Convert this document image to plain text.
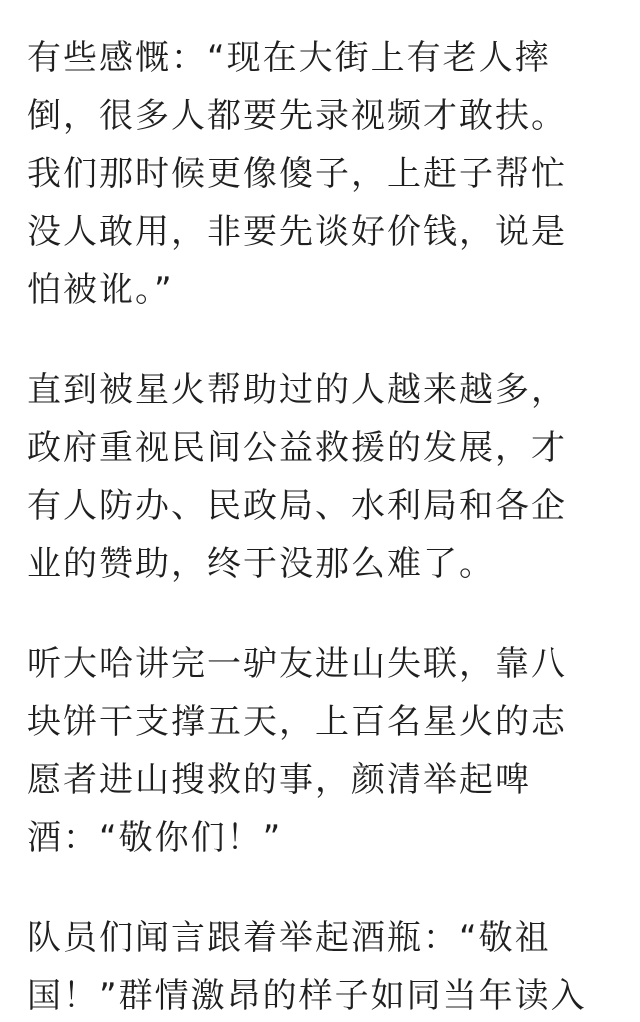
有些感慨：“现在大街上有老人摔
倒，很多人都要先录视频才敢扶。
我们那时候更像傻子，上赶子帮忙
没人敢用，非要先谈好价钱，说是
怕被讹。”
直到被星火帮助过的人越来越多，
政府重视民间公益救援的发展，才
有人防办、民政局、水利局和各企
业的赞助，终于没那么难了。
听大哈讲完一驴友进山失联，靠八
块饼干支撑五天，上百名星火的志
愿者进山搜救的事，颜清举起啤
酒：“敬你们！”
队员们闻言跟着举起酒瓶：“敬祖
国！”群情激昂的样子如同当年读入
